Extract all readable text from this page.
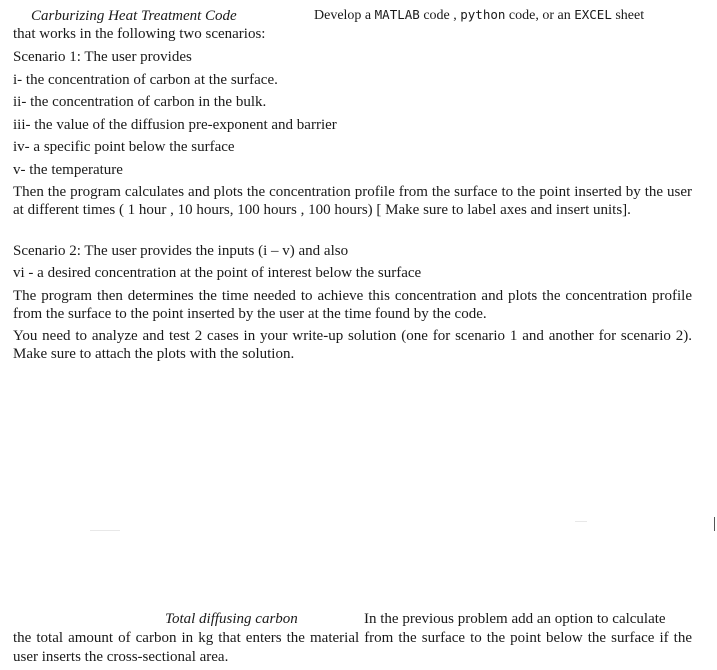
Carburizing Heat Treatment Code	Develop a MATLAB code , python code, or an EXCEL sheet
that works in the following two scenarios:
Scenario 1: The user provides
i- the concentration of carbon at the surface.
ii- the concentration of carbon in the bulk.
iii- the value of the diffusion pre-exponent and barrier
iv- a specific point below the surface
v- the temperature
Then the program calculates and plots the concentration profile from the surface to the point inserted by the user at different times ( 1 hour , 10 hours, 100 hours , 100 hours) [ Make sure to label axes and insert units].
Scenario 2: The user provides the inputs (i – v) and also
vi - a desired concentration at the point of interest below the surface
The program then determines the time needed to achieve this concentration and plots the concentration profile from the surface to the point inserted by the user at the time found by the code.
You need to analyze and test 2 cases in your write-up solution (one for scenario 1 and another for scenario 2). Make sure to attach the plots with the solution.
Total diffusing carbon	In the previous problem add an option to calculate
the total amount of carbon in kg that enters the material from the surface to the point below the surface if the user inserts the cross-sectional area.
